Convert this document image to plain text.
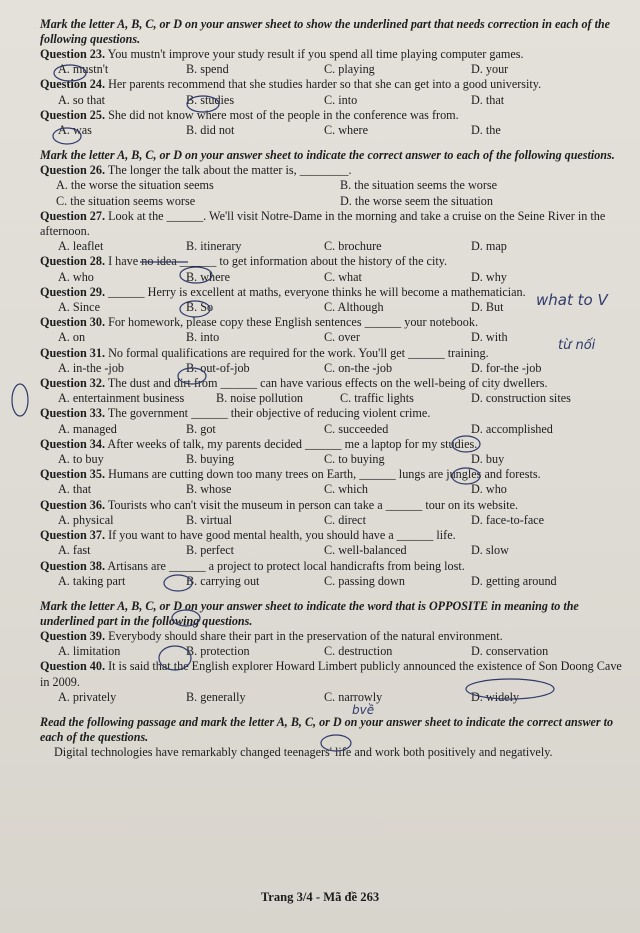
Mark the letter A, B, C, or D on your answer sheet to show the underlined part that needs correction in each of the following questions.
Question 23. You mustn't improve your study result if you spend all time playing computer games.
A. mustn't	B. spend	C. playing	D. your
Question 24. Her parents recommend that she studies harder so that she can get into a good university.
A. so that	B. studies	C. into	D. that
Question 25. She did not know where most of the people in the conference was from.
A. was	B. did not	C. where	D. the
Mark the letter A, B, C, or D on your answer sheet to indicate the correct answer to each of the following questions.
Question 26. The longer the talk about the matter is, ________.
A. the worse the situation seems	B. the situation seems the worse
C. the situation seems worse	D. the worse seem the situation
Question 27. Look at the ______. We'll visit Notre-Dame in the morning and take a cruise on the Seine River in the afternoon.
A. leaflet	B. itinerary	C. brochure	D. map
Question 28. I have no idea ______ to get information about the history of the city.
A. who	B. where	C. what	D. why
Question 29. ______ Herry is excellent at maths, everyone thinks he will become a mathematician.
A. Since	B. So	C. Although	D. But
Question 30. For homework, please copy these English sentences ______ your notebook.
A. on	B. into	C. over	D. with
Question 31. No formal qualifications are required for the work. You'll get ______ training.
A. in-the -job	B. out-of-job	C. on-the -job	D. for-the -job
Question 32. The dust and dirt from ______ can have various effects on the well-being of city dwellers.
A. entertainment business	B. noise pollution	C. traffic lights	D. construction sites
Question 33. The government ______ their objective of reducing violent crime.
A. managed	B. got	C. succeeded	D. accomplished
Question 34. After weeks of talk, my parents decided ______ me a laptop for my studies.
A. to buy	B. buying	C. to buying	D. buy
Question 35. Humans are cutting down too many trees on Earth, ______ lungs are jungles and forests.
A. that	B. whose	C. which	D. who
Question 36. Tourists who can't visit the museum in person can take a ______ tour on its website.
A. physical	B. virtual	C. direct	D. face-to-face
Question 37. If you want to have good mental health, you should have a ______ life.
A. fast	B. perfect	C. well-balanced	D. slow
Question 38. Artisans are ______ a project to protect local handicrafts from being lost.
A. taking part	B. carrying out	C. passing down	D. getting around
Mark the letter A, B, C, or D on your answer sheet to indicate the word that is OPPOSITE in meaning to the underlined part in the following questions.
Question 39. Everybody should share their part in the preservation of the natural environment.
A. limitation	B. protection	C. destruction	D. conservation
Question 40. It is said that the English explorer Howard Limbert publicly announced the existence of Son Doong Cave in 2009.
A. privately	B. generally	C. narrowly	D. widely
Read the following passage and mark the letter A, B, C, or D on your answer sheet to indicate the correct answer to each of the questions.
Digital technologies have remarkably changed teenagers' life and work both positively and negatively.
what to V
từ nối
bvề
Trang 3/4 - Mã đề 263
